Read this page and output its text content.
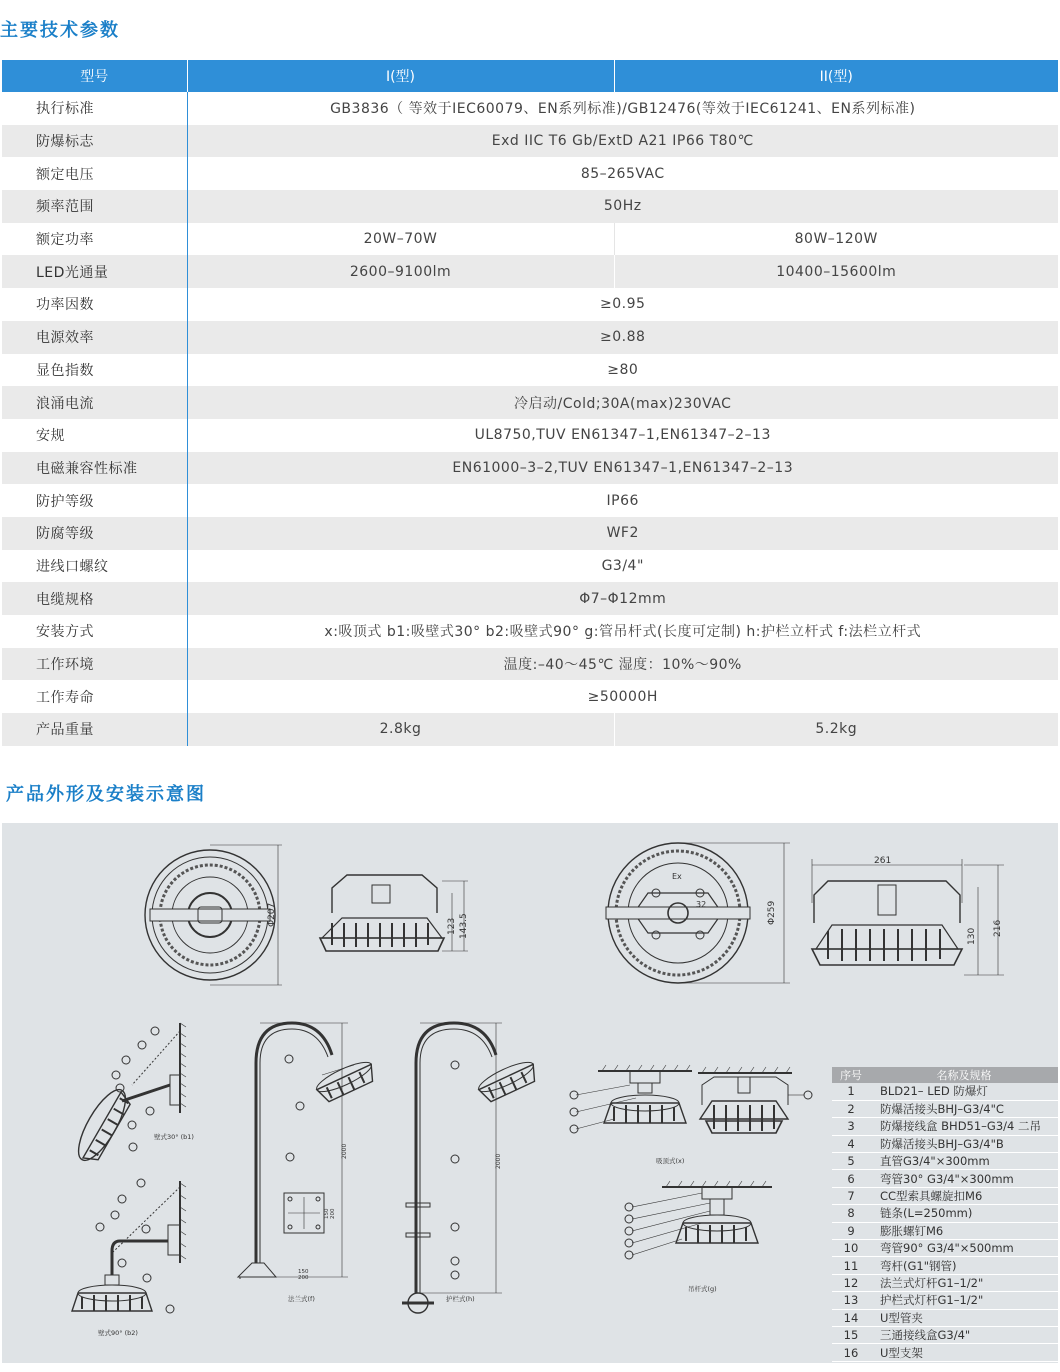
主要技术参数
型号	I(型)	II(型)
执行标准	GB3836（ 等效于IEC60079、EN系列标准)/GB12476(等效于IEC61241、EN系列标准)	
防爆标志	Exd IIC T6 Gb/ExtD A21 IP66 T80℃	
额定电压	85–265VAC	
频率范围	50Hz	
额定功率	20W–70W	80W–120W
LED光通量	2600–9100lm	10400–15600lm
功率因数	≥0.95	
电源效率	≥0.88	
显色指数	≥80	
浪涌电流	冷启动/Cold;30A(max)230VAC	
安规	UL8750,TUV EN61347–1,EN61347–2–13	
电磁兼容性标准	EN61000–3–2,TUV EN61347–1,EN61347–2–13	
防护等级	IP66	
防腐等级	WF2	
进线口螺纹	G3/4"	
电缆规格	Φ7–Φ12mm	
安装方式	x:吸顶式 b1:吸壁式30° b2:吸壁式90° g:管吊杆式(长度可定制) h:护栏立杆式 f:法栏立杆式	
工作环境	温度:–40～45℃ 湿度：10%～90%	
工作寿命	≥50000H	
产品重量	2.8kg	5.2kg
产品外形及安装示意图
Φ207	123 143.5
Ex
32	Φ259
261
130 216
壁式30° (b1)
壁式90° (b2)
2000
150
200
150 200
法兰式(f)
2000
护栏式(h)
吸顶式(x)
吊杆式(g)
序号	名称及规格
1	BLD21– LED 防爆灯
2	防爆活接头BHJ–G3/4"C
3	防爆接线盒 BHD51–G3/4 二吊
4	防爆活接头BHJ–G3/4"B
5	直管G3/4"×300mm
6	弯管30° G3/4"×300mm
7	CC型索具螺旋扣M6
8	链条(L=250mm)
9	膨胀螺钉M6
10	弯管90° G3/4"×500mm
11	弯杆(G1"钢管)
12	法兰式灯杆G1–1/2"
13	护栏式灯杆G1–1/2"
14	U型管夹
15	三通接线盒G3/4"
16	U型支架
